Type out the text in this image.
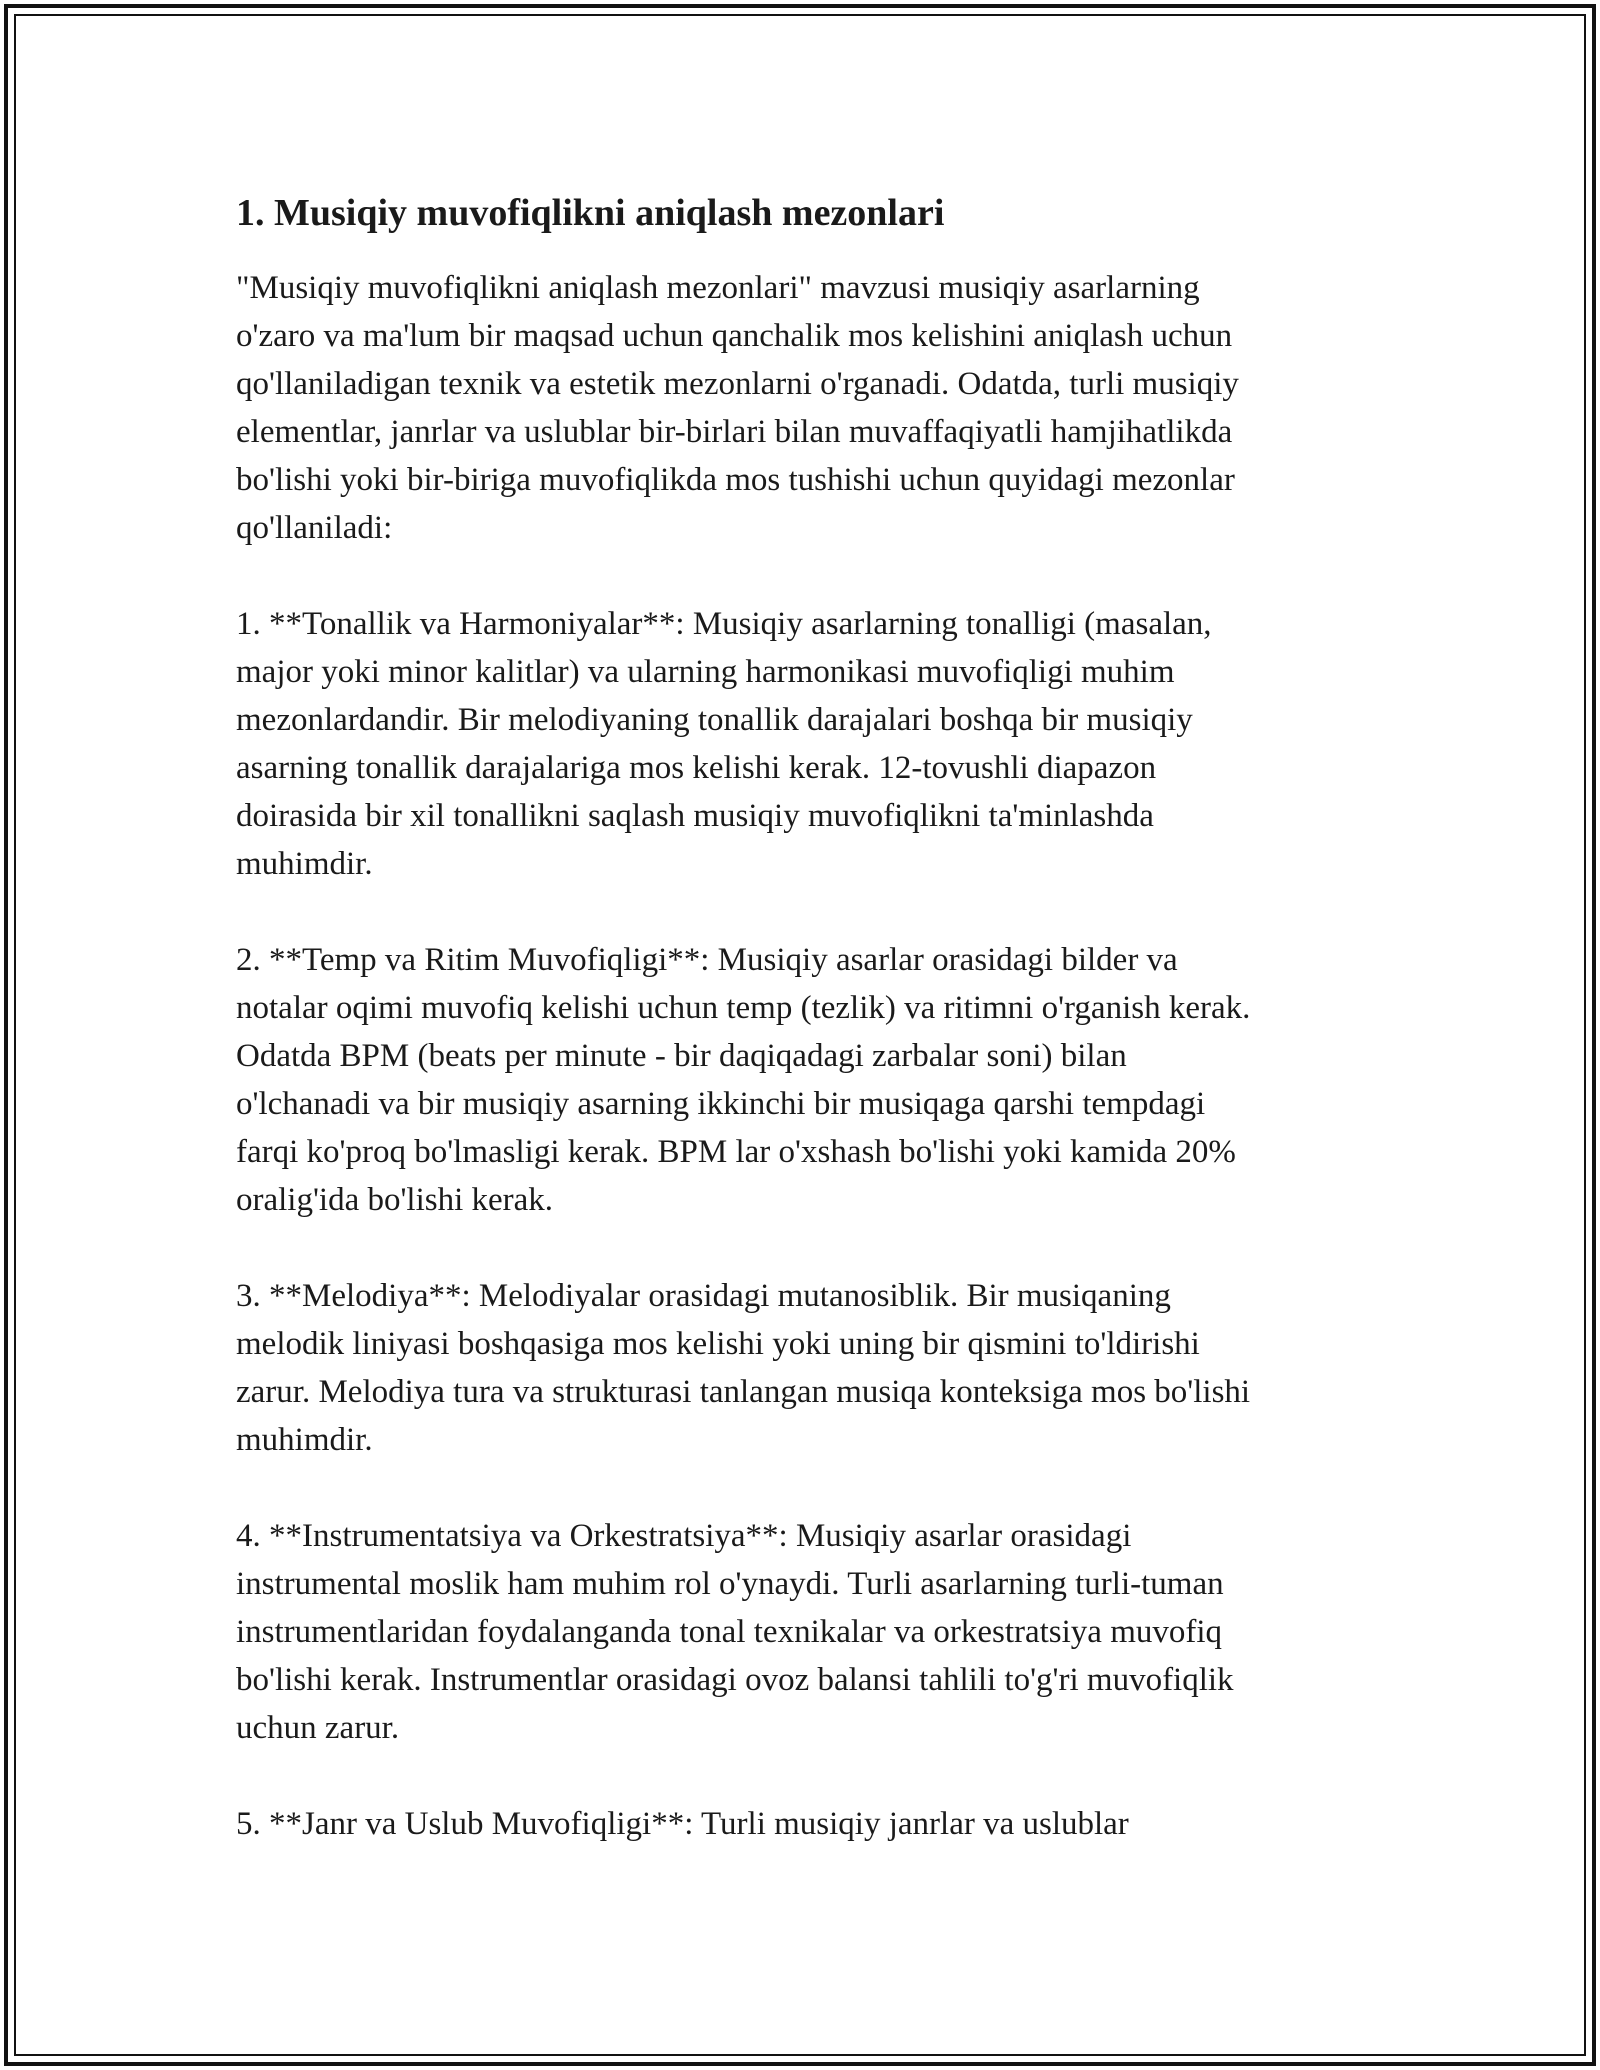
1. Musiqiy muvofiqlikni aniqlash mezonlari

"Musiqiy muvofiqlikni aniqlash mezonlari" mavzusi musiqiy asarlarning
o'zaro va ma'lum bir maqsad uchun qanchalik mos kelishini aniqlash uchun
qo'llaniladigan texnik va estetik mezonlarni o'rganadi. Odatda, turli musiqiy
elementlar, janrlar va uslublar bir-birlari bilan muvaffaqiyatli hamjihatlikda
bo'lishi yoki bir-biriga muvofiqlikda mos tushishi uchun quyidagi mezonlar
qo'llaniladi:

1. **Tonallik va Harmoniyalar**: Musiqiy asarlarning tonalligi (masalan,
major yoki minor kalitlar) va ularning harmonikasi muvofiqligi muhim
mezonlardandir. Bir melodiyaning tonallik darajalari boshqa bir musiqiy
asarning tonallik darajalariga mos kelishi kerak. 12-tovushli diapazon
doirasida bir xil tonallikni saqlash musiqiy muvofiqlikni ta'minlashda
muhimdir.

2. **Temp va Ritim Muvofiqligi**: Musiqiy asarlar orasidagi bilder va
notalar oqimi muvofiq kelishi uchun temp (tezlik) va ritimni o'rganish kerak.
Odatda BPM (beats per minute - bir daqiqadagi zarbalar soni) bilan
o'lchanadi va bir musiqiy asarning ikkinchi bir musiqaga qarshi tempdagi
farqi ko'proq bo'lmasligi kerak. BPM lar o'xshash bo'lishi yoki kamida 20%
oralig'ida bo'lishi kerak.

3. **Melodiya**: Melodiyalar orasidagi mutanosiblik. Bir musiqaning
melodik liniyasi boshqasiga mos kelishi yoki uning bir qismini to'ldirishi
zarur. Melodiya tura va strukturasi tanlangan musiqa konteksiga mos bo'lishi
muhimdir.

4. **Instrumentatsiya va Orkestratsiya**: Musiqiy asarlar orasidagi
instrumental moslik ham muhim rol o'ynaydi. Turli asarlarning turli-tuman
instrumentlaridan foydalanganda tonal texnikalar va orkestratsiya muvofiq
bo'lishi kerak. Instrumentlar orasidagi ovoz balansi tahlili to'g'ri muvofiqlik
uchun zarur.

5. **Janr va Uslub Muvofiqligi**: Turli musiqiy janrlar va uslublar
